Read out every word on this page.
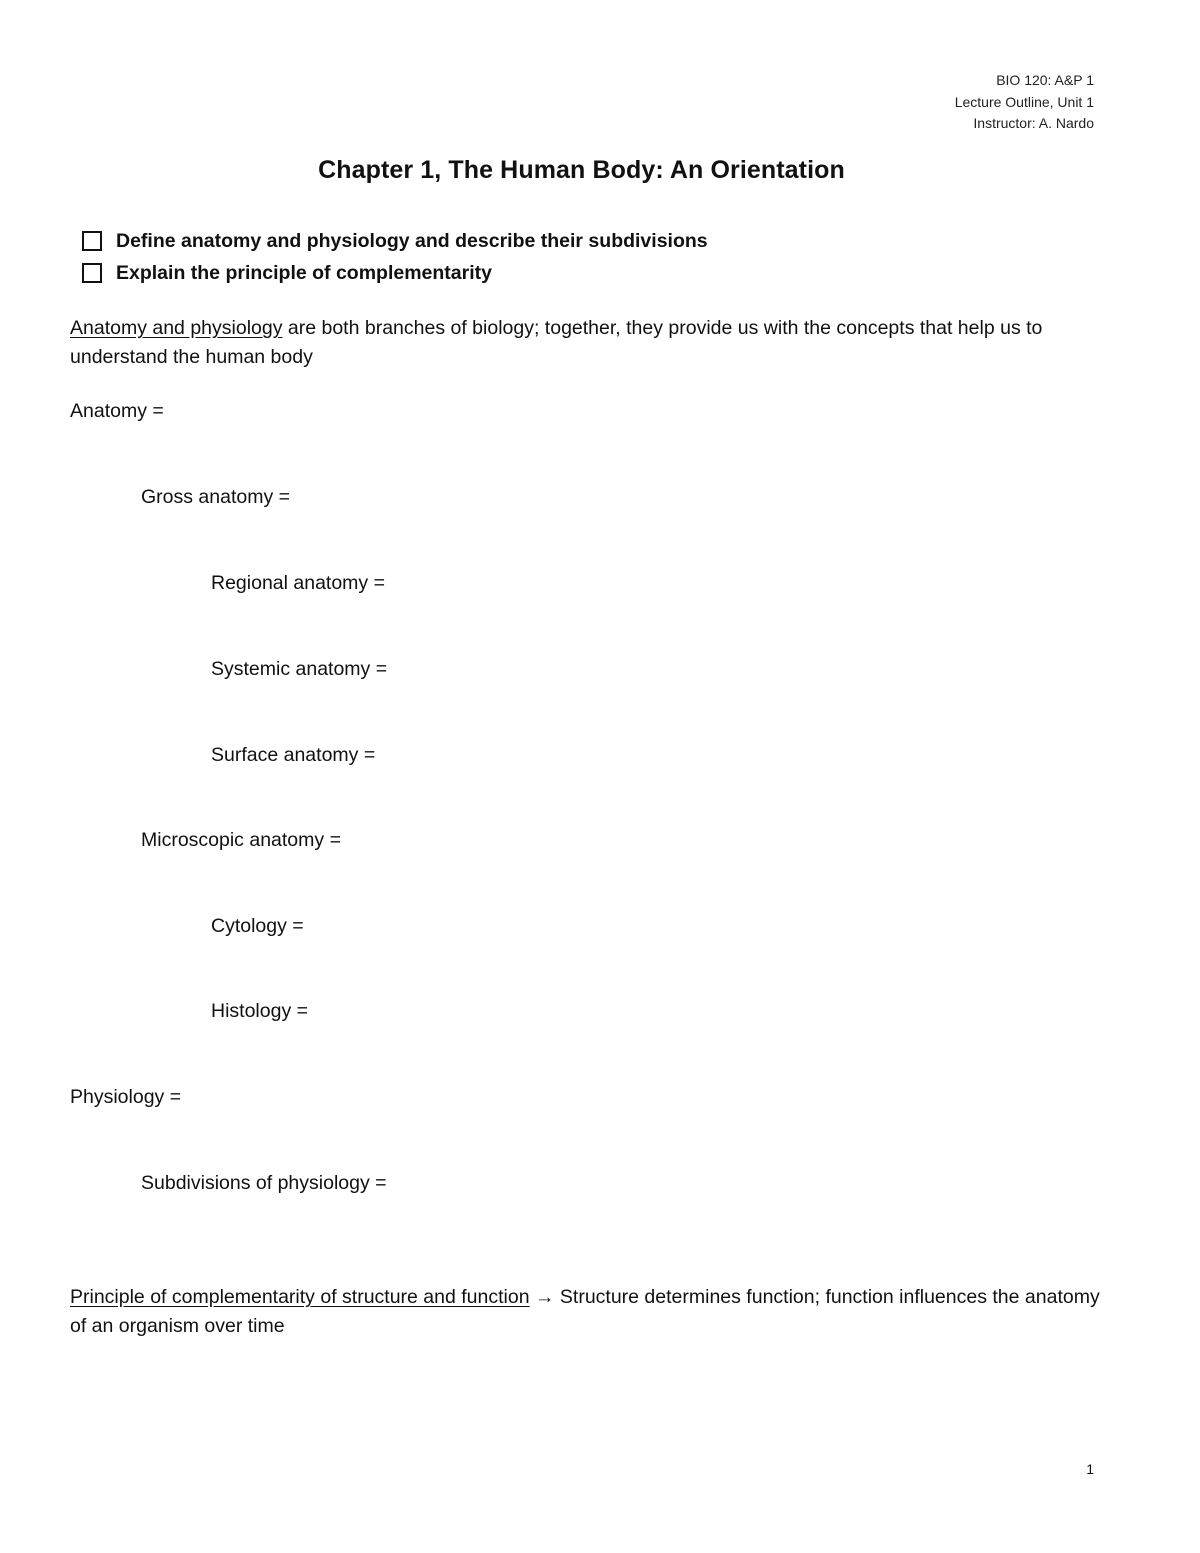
BIO 120: A&P 1
Lecture Outline, Unit 1
Instructor: A. Nardo
Chapter 1, The Human Body: An Orientation
Define anatomy and physiology and describe their subdivisions
Explain the principle of complementarity
Anatomy and physiology are both branches of biology; together, they provide us with the concepts that help us to understand the human body
Anatomy =
Gross anatomy =
Regional anatomy =
Systemic anatomy =
Surface anatomy =
Microscopic anatomy =
Cytology =
Histology =
Physiology =
Subdivisions of physiology =
Principle of complementarity of structure and function → Structure determines function; function influences the anatomy of an organism over time
1
